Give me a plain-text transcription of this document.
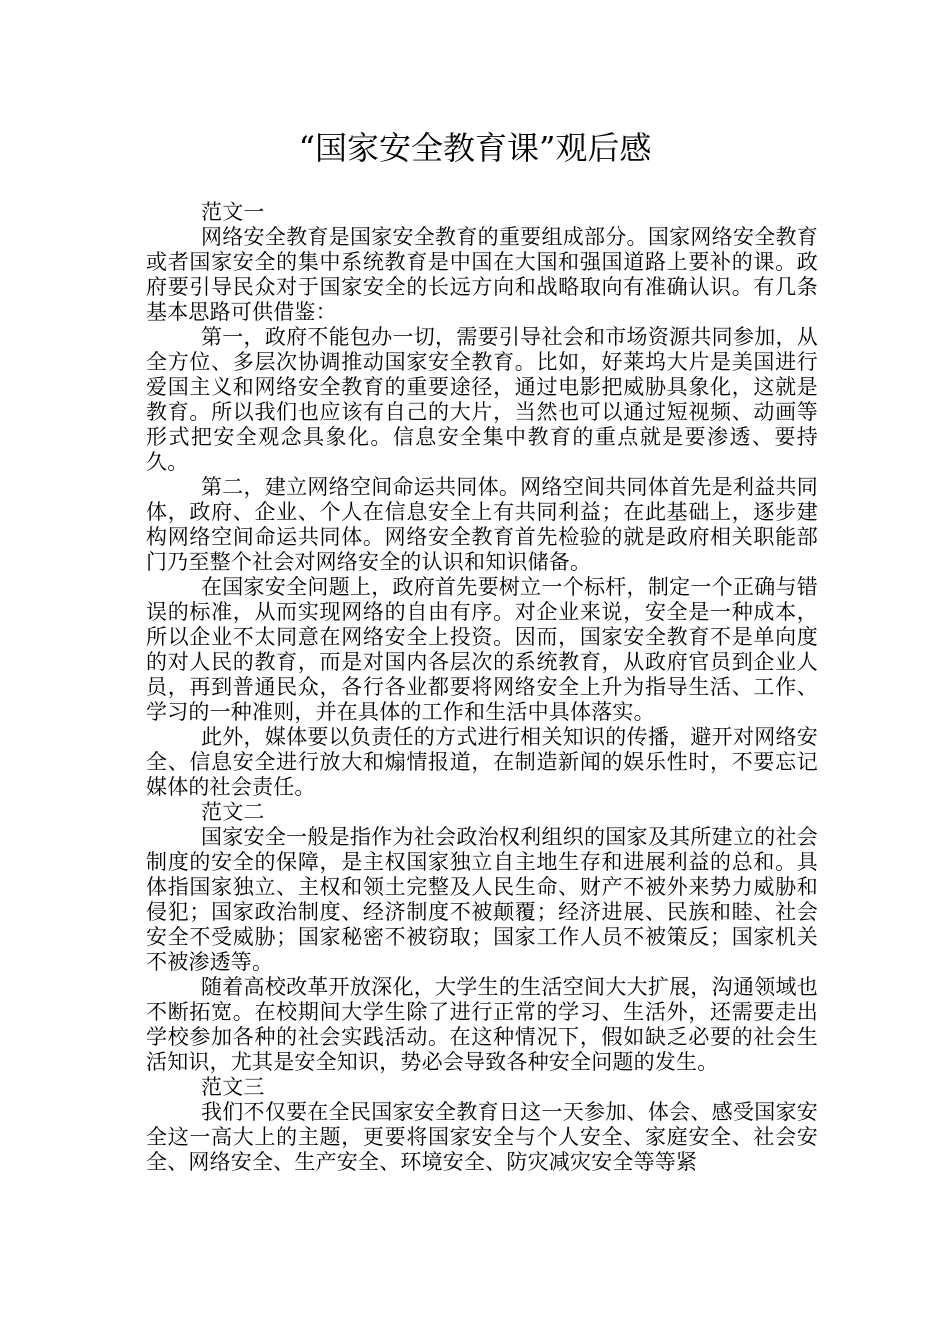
“国家安全教育课”观后感

范文一

网络安全教育是国家安全教育的重要组成部分。国家网络安全教育或者国家安全的集中系统教育是中国在大国和强国道路上要补的课。政府要引导民众对于国家安全的长远方向和战略取向有准确认识。有几条基本思路可供借鉴：

第一，政府不能包办一切，需要引导社会和市场资源共同参加，从全方位、多层次协调推动国家安全教育。比如，好莱坞大片是美国进行爱国主义和网络安全教育的重要途径，通过电影把威胁具象化，这就是教育。所以我们也应该有自己的大片，当然也可以通过短视频、动画等形式把安全观念具象化。信息安全集中教育的重点就是要渗透、要持久。

第二，建立网络空间命运共同体。网络空间共同体首先是利益共同体，政府、企业、个人在信息安全上有共同利益；在此基础上，逐步建构网络空间命运共同体。网络安全教育首先检验的就是政府相关职能部门乃至整个社会对网络安全的认识和知识储备。

在国家安全问题上，政府首先要树立一个标杆，制定一个正确与错误的标准，从而实现网络的自由有序。对企业来说，安全是一种成本，所以企业不太同意在网络安全上投资。因而，国家安全教育不是单向度的对人民的教育，而是对国内各层次的系统教育，从政府官员到企业人员，再到普通民众，各行各业都要将网络安全上升为指导生活、工作、学习的一种准则，并在具体的工作和生活中具体落实。

此外，媒体要以负责任的方式进行相关知识的传播，避开对网络安全、信息安全进行放大和煽情报道，在制造新闻的娱乐性时，不要忘记媒体的社会责任。

范文二

国家安全一般是指作为社会政治权利组织的国家及其所建立的社会制度的安全的保障，是主权国家独立自主地生存和进展利益的总和。具体指国家独立、主权和领土完整及人民生命、财产不被外来势力威胁和侵犯；国家政治制度、经济制度不被颠覆；经济进展、民族和睦、社会安全不受威胁；国家秘密不被窃取；国家工作人员不被策反；国家机关不被渗透等。

随着高校改革开放深化，大学生的生活空间大大扩展，沟通领域也不断拓宽。在校期间大学生除了进行正常的学习、生活外，还需要走出学校参加各种的社会实践活动。在这种情况下，假如缺乏必要的社会生活知识，尤其是安全知识，势必会导致各种安全问题的发生。

范文三

我们不仅要在全民国家安全教育日这一天参加、体会、感受国家安全这一高大上的主题，更要将国家安全与个人安全、家庭安全、社会安全、网络安全、生产安全、环境安全、防灾减灾安全等等紧
